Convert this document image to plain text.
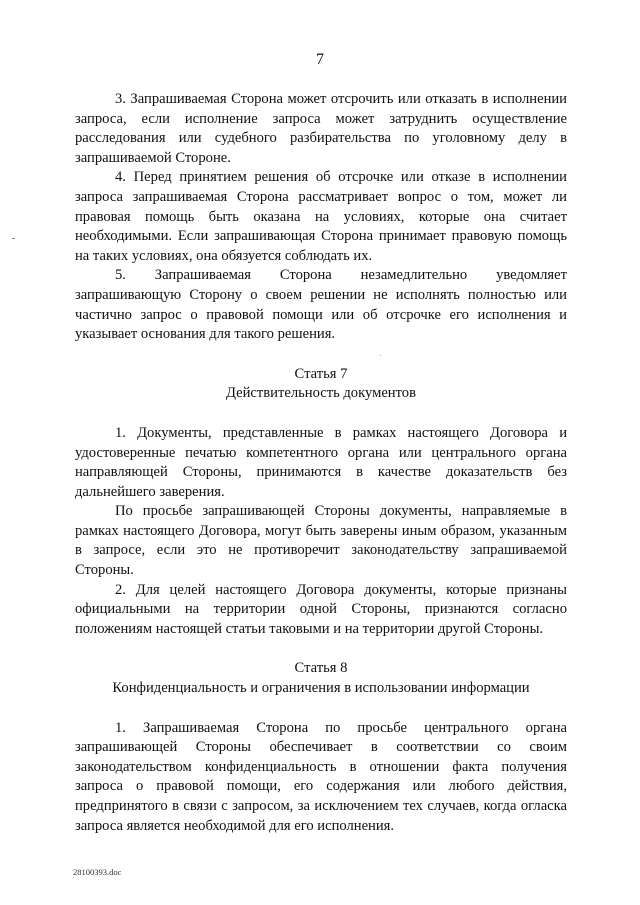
7

3. Запрашиваемая Сторона может отсрочить или отказать в исполнении запроса, если исполнение запроса может затруднить осуществление расследования или судебного разбирательства по уголовному делу в запрашиваемой Стороне.

4. Перед принятием решения об отсрочке или отказе в исполнении запроса запрашиваемая Сторона рассматривает вопрос о том, может ли правовая помощь быть оказана на условиях, которые она считает необходимыми. Если запрашивающая Сторона принимает правовую помощь на таких условиях, она обязуется соблюдать их.

5. Запрашиваемая Сторона незамедлительно уведомляет запрашивающую Сторону о своем решении не исполнять полностью или частично запрос о правовой помощи или об отсрочке его исполнения и указывает основания для такого решения.

Статья 7

Действительность документов

1. Документы, представленные в рамках настоящего Договора и удостоверенные печатью компетентного органа или центрального органа направляющей Стороны, принимаются в качестве доказательств без дальнейшего заверения.

По просьбе запрашивающей Стороны документы, направляемые в рамках настоящего Договора, могут быть заверены иным образом, указанным в запросе, если это не противоречит законодательству запрашиваемой Стороны.

2. Для целей настоящего Договора документы, которые признаны официальными на территории одной Стороны, признаются согласно положениям настоящей статьи таковыми и на территории другой Стороны.

Статья 8

Конфиденциальность и ограничения в использовании информации

1. Запрашиваемая Сторона по просьбе центрального органа запрашивающей Стороны обеспечивает в соответствии со своим законодательством конфиденциальность в отношении факта получения запроса о правовой помощи, его содержания или любого действия, предпринятого в связи с запросом, за исключением тех случаев, когда огласка запроса является необходимой для его исполнения.

28100393.doc
